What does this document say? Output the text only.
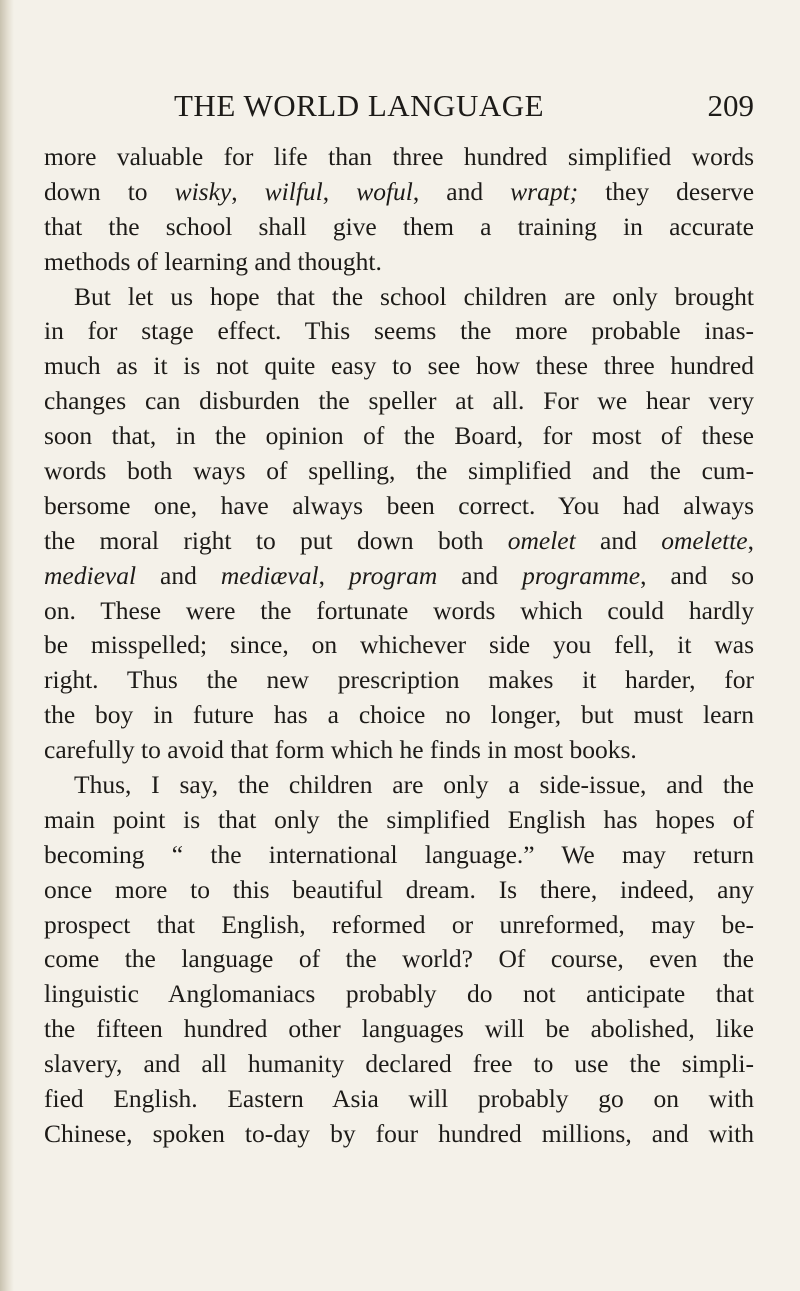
THE WORLD LANGUAGE	209
more valuable for life than three hundred simplified words
down to wisky, wilful, woful, and wrapt; they deserve
that the school shall give them a training in accurate
methods of learning and thought.
But let us hope that the school children are only brought
in for stage effect. This seems the more probable inas-
much as it is not quite easy to see how these three hundred
changes can disburden the speller at all. For we hear very
soon that, in the opinion of the Board, for most of these
words both ways of spelling, the simplified and the cum-
bersome one, have always been correct. You had always
the moral right to put down both omelet and omelette,
medieval and mediæval, program and programme, and so
on. These were the fortunate words which could hardly
be misspelled; since, on whichever side you fell, it was
right. Thus the new prescription makes it harder, for
the boy in future has a choice no longer, but must learn
carefully to avoid that form which he finds in most books.
Thus, I say, the children are only a side-issue, and the
main point is that only the simplified English has hopes of
becoming “ the international language.” We may return
once more to this beautiful dream. Is there, indeed, any
prospect that English, reformed or unreformed, may be-
come the language of the world? Of course, even the
linguistic Anglomaniacs probably do not anticipate that
the fifteen hundred other languages will be abolished, like
slavery, and all humanity declared free to use the simpli-
fied English. Eastern Asia will probably go on with
Chinese, spoken to-day by four hundred millions, and with
